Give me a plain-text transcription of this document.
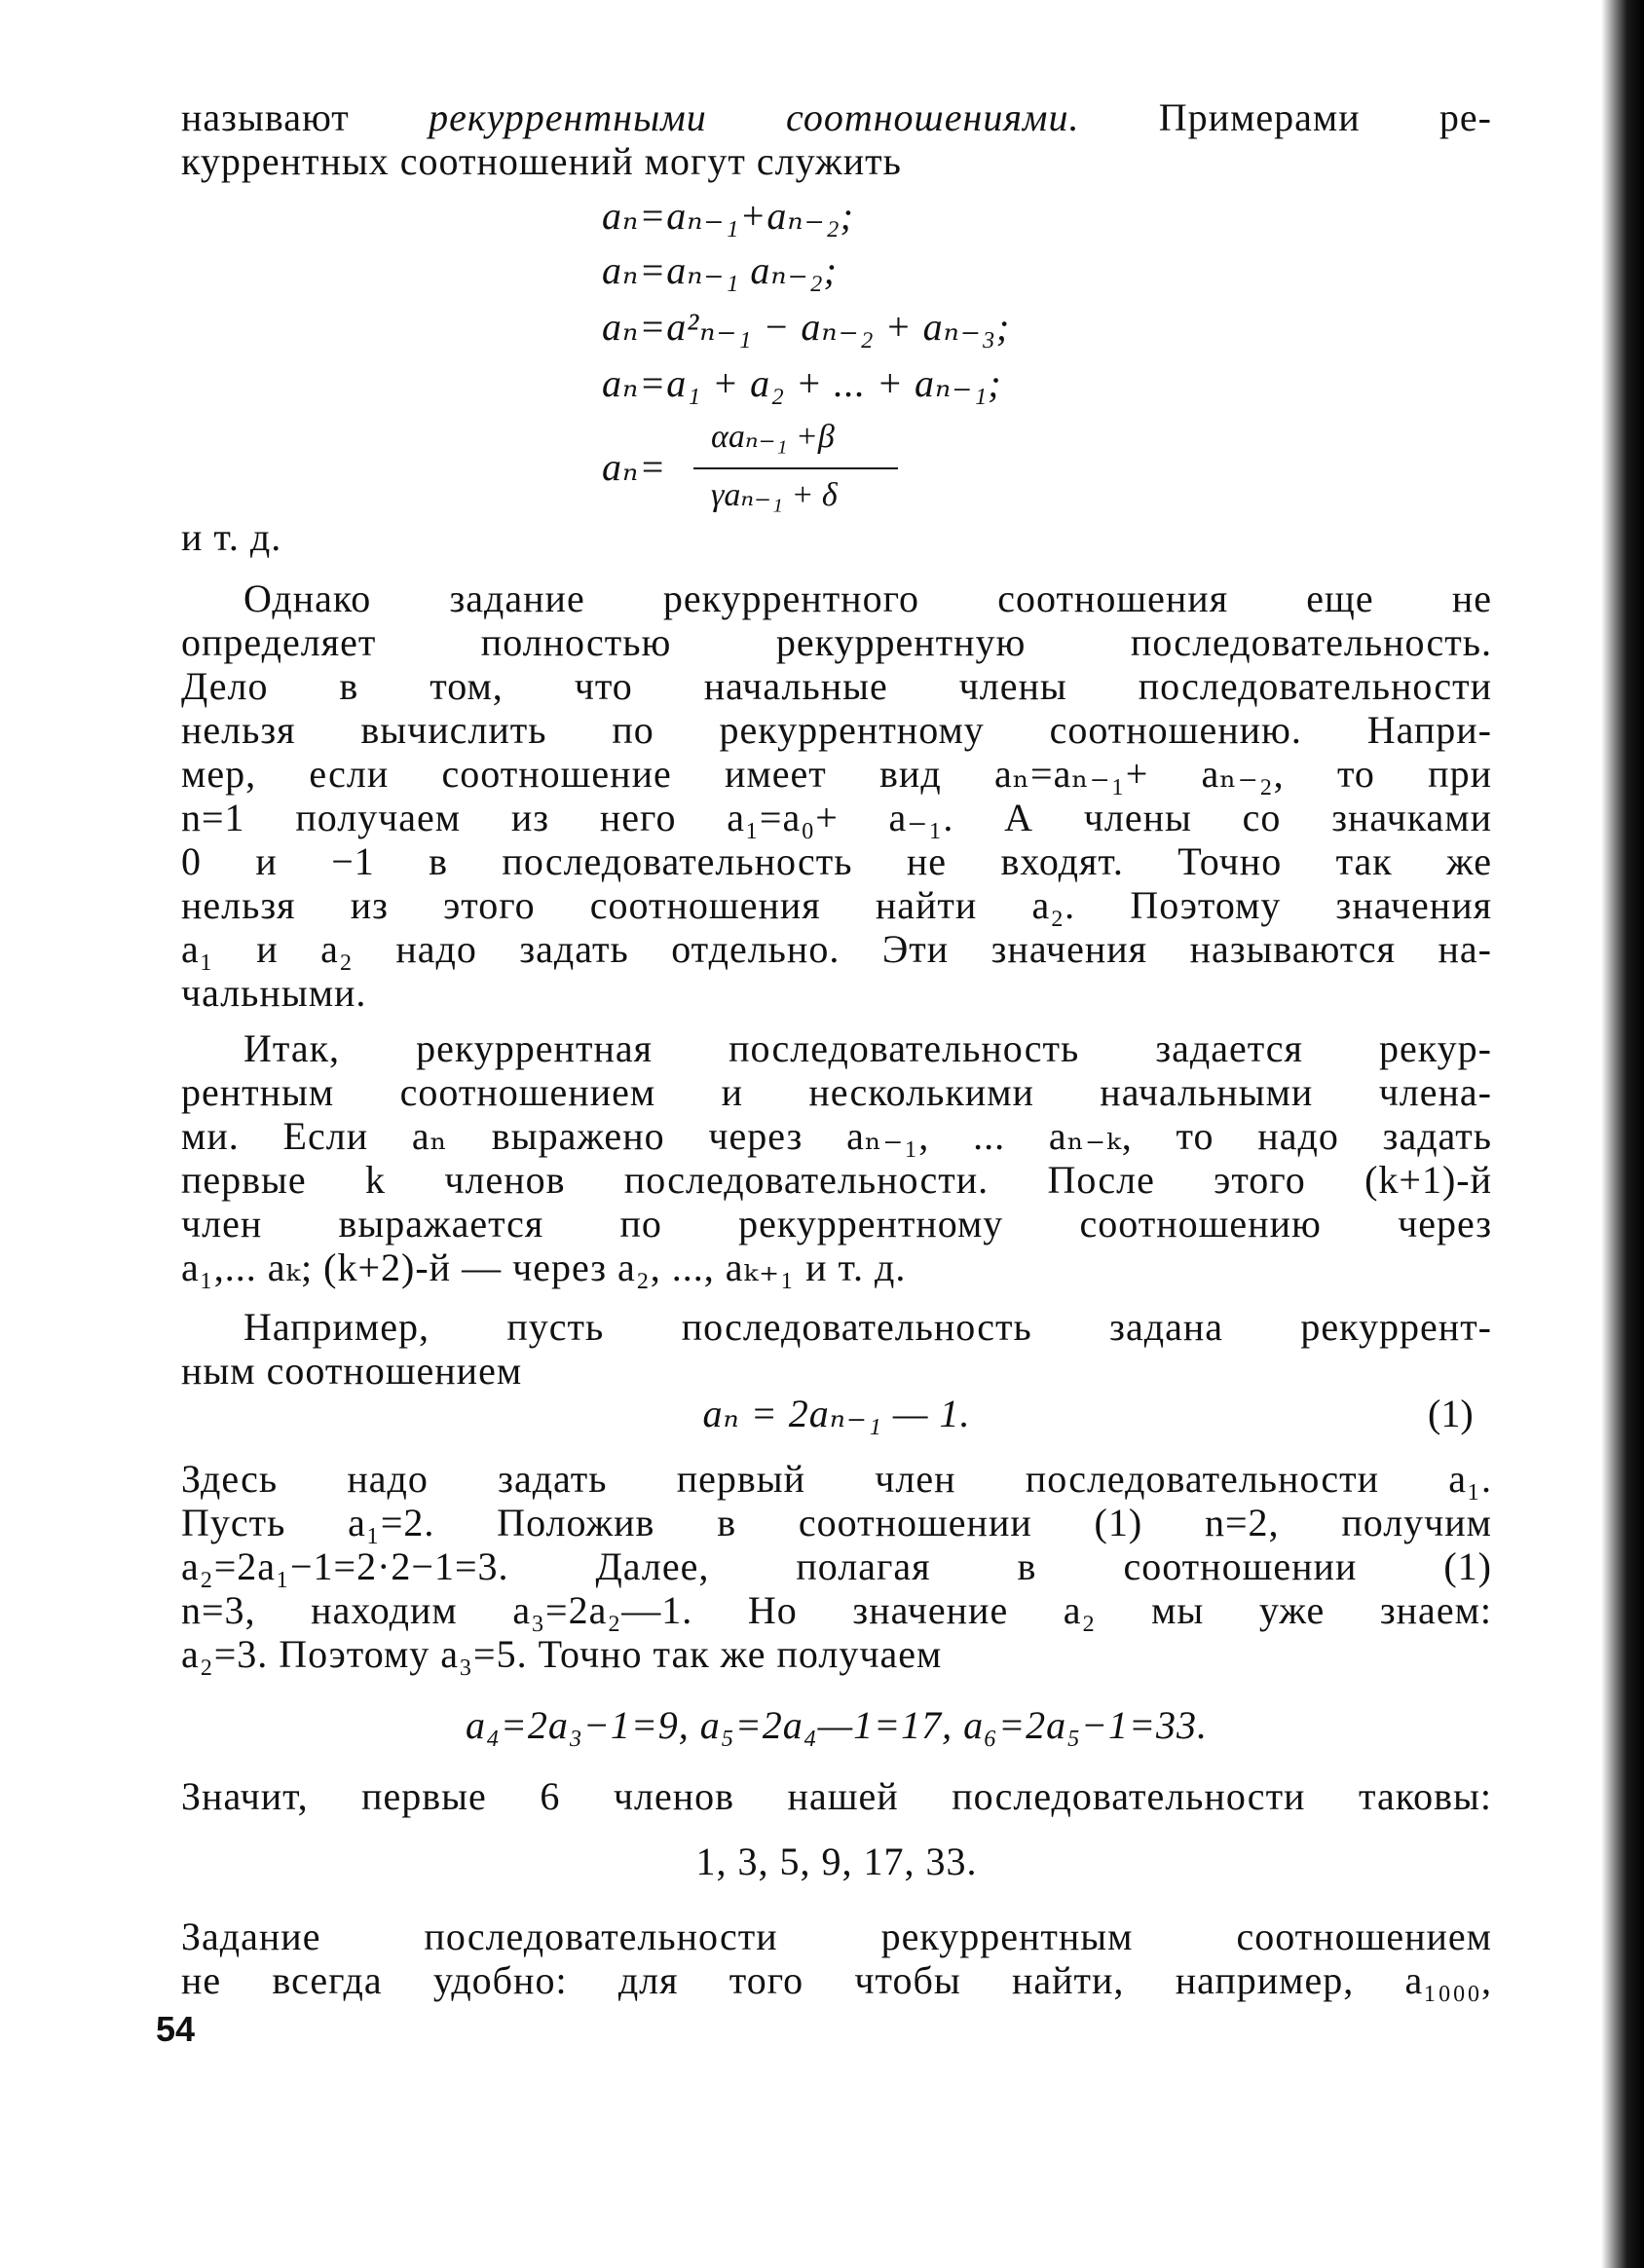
называют рекуррентными соотношениями. Примерами ре-
куррентных соотношений могут служить
aₙ=aₙ₋₁+aₙ₋₂;
aₙ=aₙ₋₁ aₙ₋₂;
aₙ=a²ₙ₋₁ − aₙ₋₂ + aₙ₋₃;
aₙ=a₁ + a₂ + ... + aₙ₋₁;
aₙ=
αaₙ₋₁ +β
γaₙ₋₁ + δ
и т. д.
Однако задание рекуррентного соотношения еще не
определяет полностью рекуррентную последовательность.
Дело в том, что начальные члены последовательности
нельзя вычислить по рекуррентному соотношению. Напри-
мер, если соотношение имеет вид aₙ=aₙ₋₁+ aₙ₋₂, то при
n=1 получаем из него a₁=a₀+ a₋₁. А члены со значками
0 и −1 в последовательность не входят. Точно так же
нельзя из этого соотношения найти a₂. Поэтому значения
a₁ и a₂ надо задать отдельно. Эти значения называются на-
чальными.
Итак, рекуррентная последовательность задается рекур-
рентным соотношением и несколькими начальными члена-
ми. Если aₙ выражено через aₙ₋₁, ... aₙ₋ₖ, то надо задать
первые k членов последовательности. После этого (k+1)-й
член выражается по рекуррентному соотношению через
a₁,... aₖ; (k+2)-й — через a₂, ..., aₖ₊₁ и т. д.
Например, пусть последовательность задана рекуррент-
ным соотношением
aₙ = 2aₙ₋₁ — 1.	(1)
Здесь надо задать первый член последовательности a₁.
Пусть a₁=2. Положив в соотношении (1) n=2, получим
a₂=2a₁−1=2·2−1=3. Далее, полагая в соотношении (1)
n=3, находим a₃=2a₂—1. Но значение a₂ мы уже знаем:
a₂=3. Поэтому a₃=5. Точно так же получаем
a₄=2a₃−1=9, a₅=2a₄—1=17, a₆=2a₅−1=33.
Значит, первые 6 членов нашей последовательности таковы:
1, 3, 5, 9, 17, 33.
Задание последовательности рекуррентным соотношением
не всегда удобно: для того чтобы найти, например, a₁₀₀₀,
54
